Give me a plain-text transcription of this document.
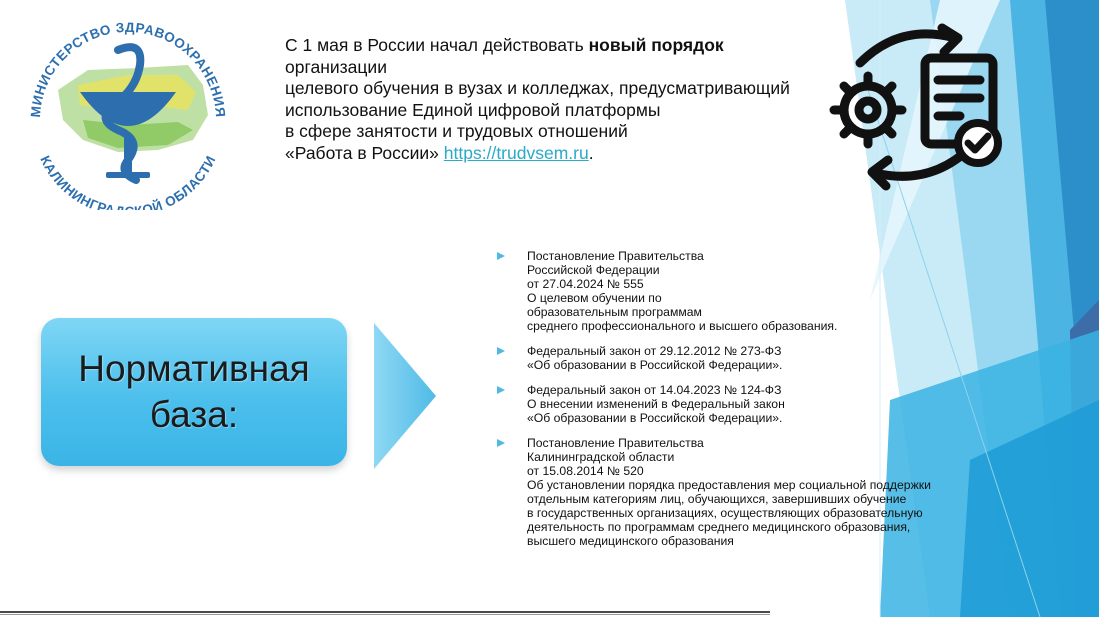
МИНИСТЕРСТВО ЗДРАВООХРАНЕНИЯ
КАЛИНИНГРА ОЙ ОБЛАСТИ
С 1 мая в России начал действовать новый порядок организации
целевого обучения в вузах и колледжах, предусматривающий
использование Единой цифровой платформы
в сфере занятости и трудовых отношений
«Работа в России» https://trudvsem.ru.
Нормативная
база:
Постановление Правительства
Российской Федерации
от 27.04.2024 № 555
О целевом обучении по
образовательным программам
среднего профессионального и высшего образования.
Федеральный закон от 29.12.2012 № 273-ФЗ
«Об образовании в Российской Федерации».
Федеральный закон от 14.04.2023 № 124-ФЗ
О внесении изменений в Федеральный закон
«Об образовании в Российской Федерации».
Постановление Правительства
Калининградской области
от 15.08.2014 № 520
Об установлении порядка предоставления мер социальной поддержки
отдельным категориям лиц, обучающихся, завершивших обучение
в государственных организациях, осуществляющих образовательную
деятельность по программам среднего медицинского образования,
высшего медицинского образования
